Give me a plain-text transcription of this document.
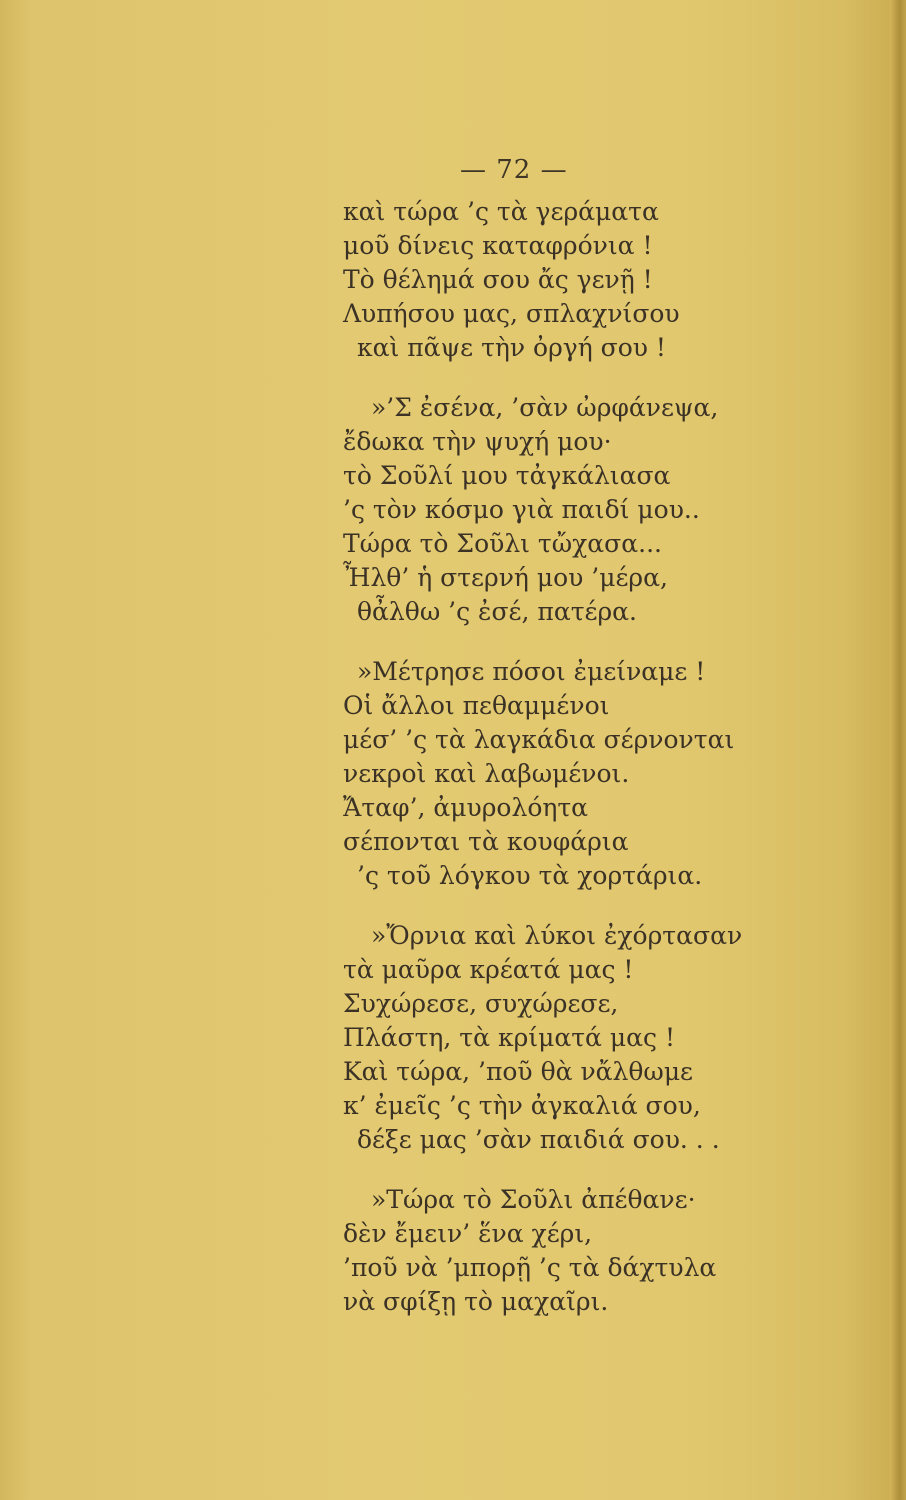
— 72 —
καὶ τώρα ’ς τὰ γεράματα
μοῦ δίνεις καταφρόνια !
Τὸ θέλημά σου ἄς γενῇ !
Λυπήσου μας, σπλαχνίσου
καὶ πᾶψε τὴν ὀργή σου !
»’Σ ἐσένα, ’σὰν ὠρφάνεψα,
ἔδωκα τὴν ψυχή μου·
τὸ Σοῦλί μου τἀγκάλιασα
’ς τὸν κόσμο γιὰ παιδί μου..
Τώρα τὸ Σοῦλι τὤχασα...
Ἦλθ’ ἡ στερνή μου ’μέρα,
θἆλθω ’ς ἐσέ, πατέρα.
»Μέτρησε πόσοι ἐμείναμε !
Οἱ ἄλλοι πεθαμμένοι
μέσ’ ’ς τὰ λαγκάδια σέρνονται
νεκροὶ καὶ λαβωμένοι.
Ἄταφ’, ἀμυρολόητα
σέπονται τὰ κουφάρια
’ς τοῦ λόγκου τὰ χορτάρια.
»Ὄρνια καὶ λύκοι ἐχόρτασαν
τὰ μαῦρα κρέατά μας !
Συχώρεσε, συχώρεσε,
Πλάστη, τὰ κρίματά μας !
Καὶ τώρα, ’ποῦ θὰ νἄλθωμε
κ’ ἐμεῖς ’ς τὴν ἀγκαλιά σου,
δέξε μας ’σὰν παιδιά σου. . .
»Τώρα τὸ Σοῦλι ἀπέθανε·
δὲν ἔμειν’ ἕνα χέρι,
’ποῦ νὰ ’μπορῇ ’ς τὰ δάχτυλα
νὰ σφίξῃ τὸ μαχαῖρι.
